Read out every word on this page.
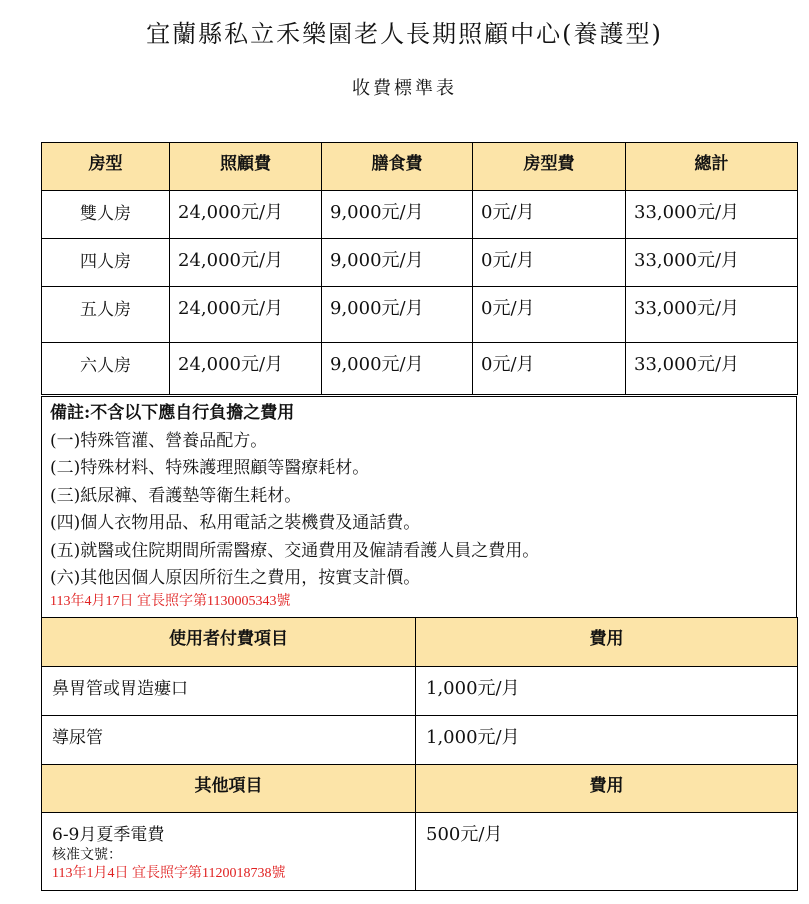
宜蘭縣私立禾樂園老人長期照顧中心(養護型)
收費標準表
房型	照顧費	膳食費	房型費	總計
雙人房	24,000元/月	9,000元/月	0元/月	33,000元/月
四人房	24,000元/月	9,000元/月	0元/月	33,000元/月
五人房	24,000元/月	9,000元/月	0元/月	33,000元/月
六人房	24,000元/月	9,000元/月	0元/月	33,000元/月
備註:不含以下應自行負擔之費用
(一)特殊管灌、營養品配方。
(二)特殊材料、特殊護理照顧等醫療耗材。
(三)紙尿褲、看護墊等衛生耗材。
(四)個人衣物用品、私用電話之裝機費及通話費。
(五)就醫或住院期間所需醫療、交通費用及僱請看護人員之費用。
(六)其他因個人原因所衍生之費用，按實支計價。
113年4月17日 宜長照字第1130005343號
使用者付費項目	費用
鼻胃管或胃造瘻口	1,000元/月
導尿管	1,000元/月
其他項目	費用

6-9月夏季電費
核准文號：
113年1月4日 宜長照字第1120018738號	500元/月
